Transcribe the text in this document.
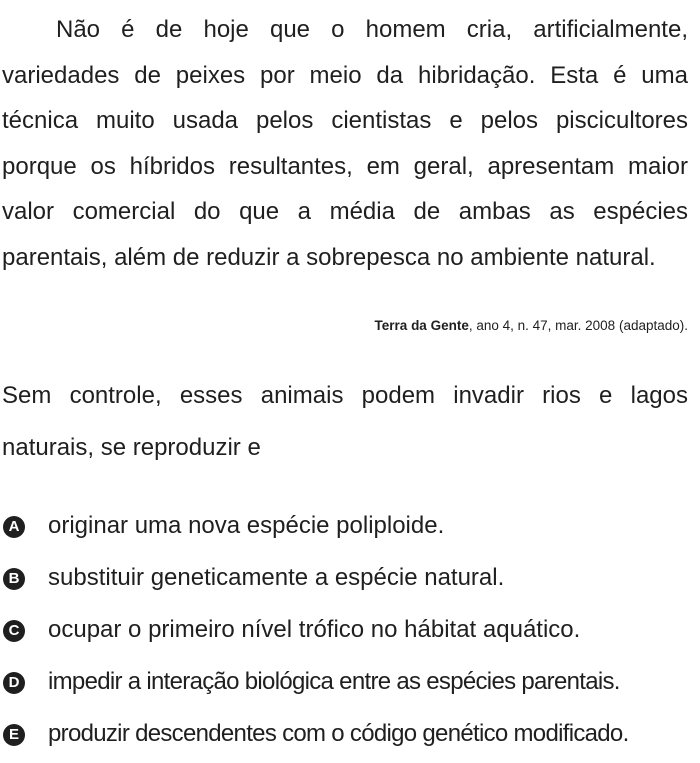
Não é de hoje que o homem cria, artificialmente, variedades de peixes por meio da hibridação. Esta é uma técnica muito usada pelos cientistas e pelos piscicultores porque os híbridos resultantes, em geral, apresentam maior valor comercial do que a média de ambas as espécies parentais, além de reduzir a sobrepesca no ambiente natural.

Terra da Gente, ano 4, n. 47, mar. 2008 (adaptado).

Sem controle, esses animais podem invadir rios e lagos naturais, se reproduzir e

A originar uma nova espécie poliploide.
B substituir geneticamente a espécie natural.
C ocupar o primeiro nível trófico no hábitat aquático.
D impedir a interação biológica entre as espécies parentais.
E produzir descendentes com o código genético modificado.
